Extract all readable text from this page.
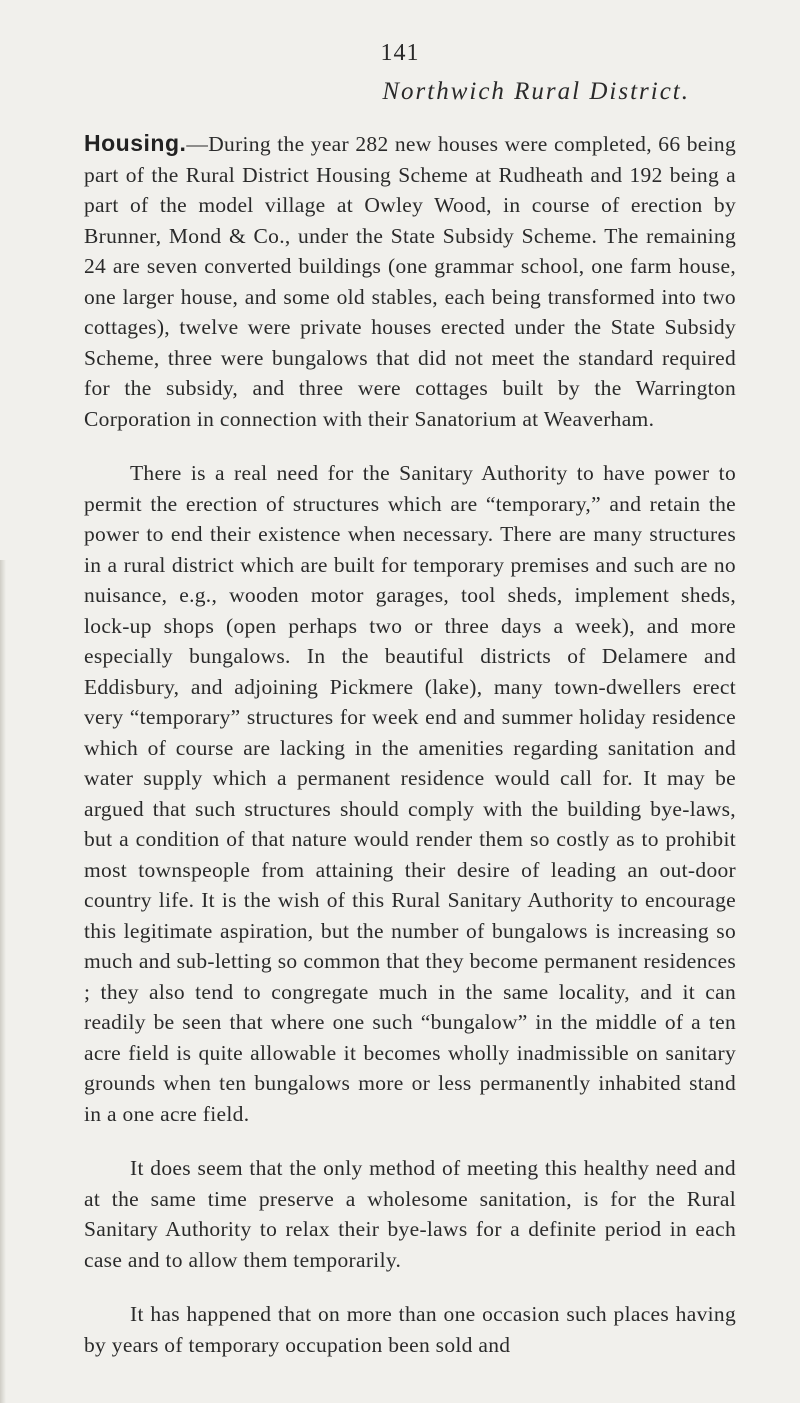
141
Northwich Rural District.

Housing.—During the year 282 new houses were completed, 66 being part of the Rural District Housing Scheme at Rudheath and 192 being a part of the model village at Owley Wood, in course of erection by Brunner, Mond & Co., under the State Subsidy Scheme. The remaining 24 are seven converted buildings (one grammar school, one farm house, one larger house, and some old stables, each being transformed into two cottages), twelve were private houses erected under the State Subsidy Scheme, three were bungalows that did not meet the standard required for the subsidy, and three were cottages built by the Warrington Corporation in connection with their Sanatorium at Weaverham.

There is a real need for the Sanitary Authority to have power to permit the erection of structures which are “temporary,” and retain the power to end their existence when necessary. There are many structures in a rural district which are built for temporary premises and such are no nuisance, e.g., wooden motor garages, tool sheds, implement sheds, lock-up shops (open perhaps two or three days a week), and more especially bungalows. In the beautiful districts of Delamere and Eddisbury, and adjoining Pickmere (lake), many town-dwellers erect very “temporary” structures for week end and summer holiday residence which of course are lacking in the amenities regarding sanitation and water supply which a permanent residence would call for. It may be argued that such structures should comply with the building bye-laws, but a condition of that nature would render them so costly as to prohibit most townspeople from attaining their desire of leading an out-door country life. It is the wish of this Rural Sanitary Authority to encourage this legitimate aspiration, but the number of bungalows is increasing so much and sub-letting so common that they become permanent residences ; they also tend to congregate much in the same locality, and it can readily be seen that where one such “bungalow” in the middle of a ten acre field is quite allowable it becomes wholly inadmissible on sanitary grounds when ten bungalows more or less permanently inhabited stand in a one acre field.

It does seem that the only method of meeting this healthy need and at the same time preserve a wholesome sanitation, is for the Rural Sanitary Authority to relax their bye-laws for a definite period in each case and to allow them temporarily.

It has happened that on more than one occasion such places having by years of temporary occupation been sold and
